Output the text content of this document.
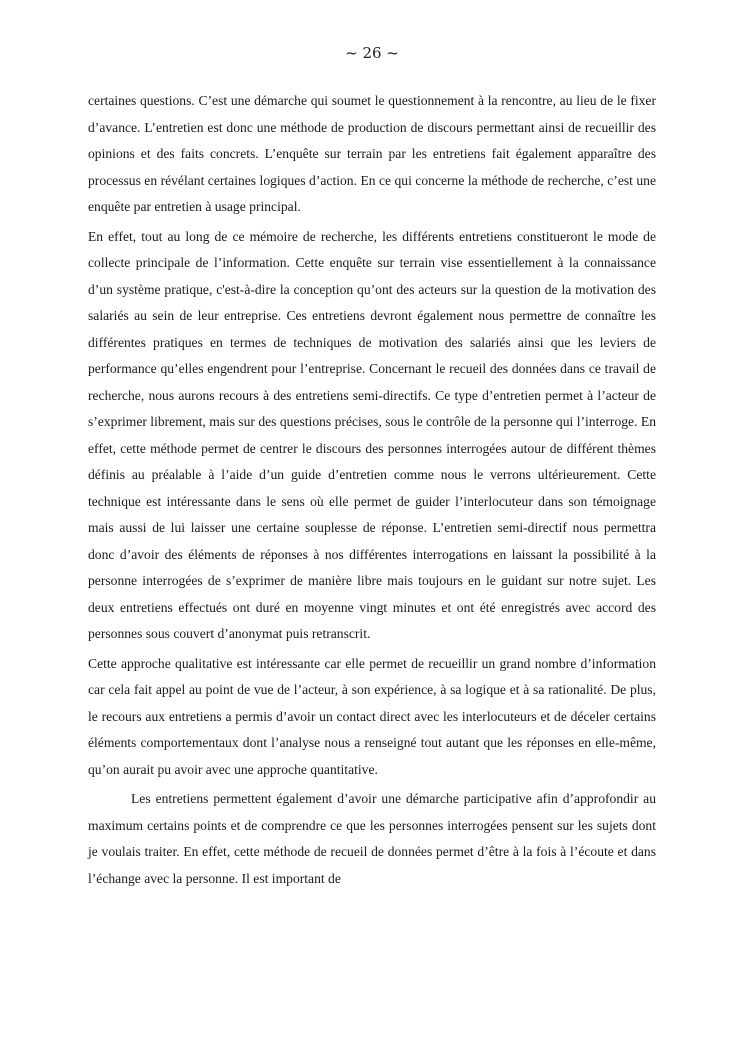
~ 26 ~

certaines questions. C’est une démarche qui soumet le questionnement à la rencontre, au lieu de le fixer d’avance. L’entretien est donc une méthode de production de discours permettant ainsi de recueillir des opinions et des faits concrets. L’enquête sur terrain par les entretiens fait également apparaître des processus en révélant certaines logiques d’action. En ce qui concerne la méthode de recherche, c’est une enquête par entretien à usage principal.

En effet, tout au long de ce mémoire de recherche, les différents entretiens constitueront le mode de collecte principale de l’information. Cette enquête sur terrain vise essentiellement à la connaissance d’un système pratique, c'est-à-dire la conception qu’ont des acteurs sur la question de la motivation des salariés au sein de leur entreprise. Ces entretiens devront également nous permettre de connaître les différentes pratiques en termes de techniques de motivation des salariés ainsi que les leviers de performance qu’elles engendrent pour l’entreprise. Concernant le recueil des données dans ce travail de recherche, nous aurons recours à des entretiens semi-directifs. Ce type d’entretien permet à l’acteur de s’exprimer librement, mais sur des questions précises, sous le contrôle de la personne qui l’interroge. En effet, cette méthode permet de centrer le discours des personnes interrogées autour de différent thèmes définis au préalable à l’aide d’un guide d’entretien comme nous le verrons ultérieurement. Cette technique est intéressante dans le sens où elle permet de guider l’interlocuteur dans son témoignage mais aussi de lui laisser une certaine souplesse de réponse. L’entretien semi-directif nous permettra donc d’avoir des éléments de réponses à nos différentes interrogations en laissant la possibilité à la personne interrogées de s’exprimer de manière libre mais toujours en le guidant sur notre sujet. Les deux entretiens effectués ont duré en moyenne vingt minutes et ont été enregistrés avec accord des personnes sous couvert d’anonymat puis retranscrit.

Cette approche qualitative est intéressante car elle permet de recueillir un grand nombre d’information car cela fait appel au point de vue de l’acteur, à son expérience, à sa logique et à sa rationalité. De plus, le recours aux entretiens a permis d’avoir un contact direct avec les interlocuteurs et de déceler certains éléments comportementaux dont l’analyse nous a renseigné tout autant que les réponses en elle-même, qu’on aurait pu avoir avec une approche quantitative.

Les entretiens permettent également d’avoir une démarche participative afin d’approfondir au maximum certains points et de comprendre ce que les personnes interrogées pensent sur les sujets dont je voulais traiter. En effet, cette méthode de recueil de données permet d’être à la fois à l’écoute et dans l’échange avec la personne. Il est important de
